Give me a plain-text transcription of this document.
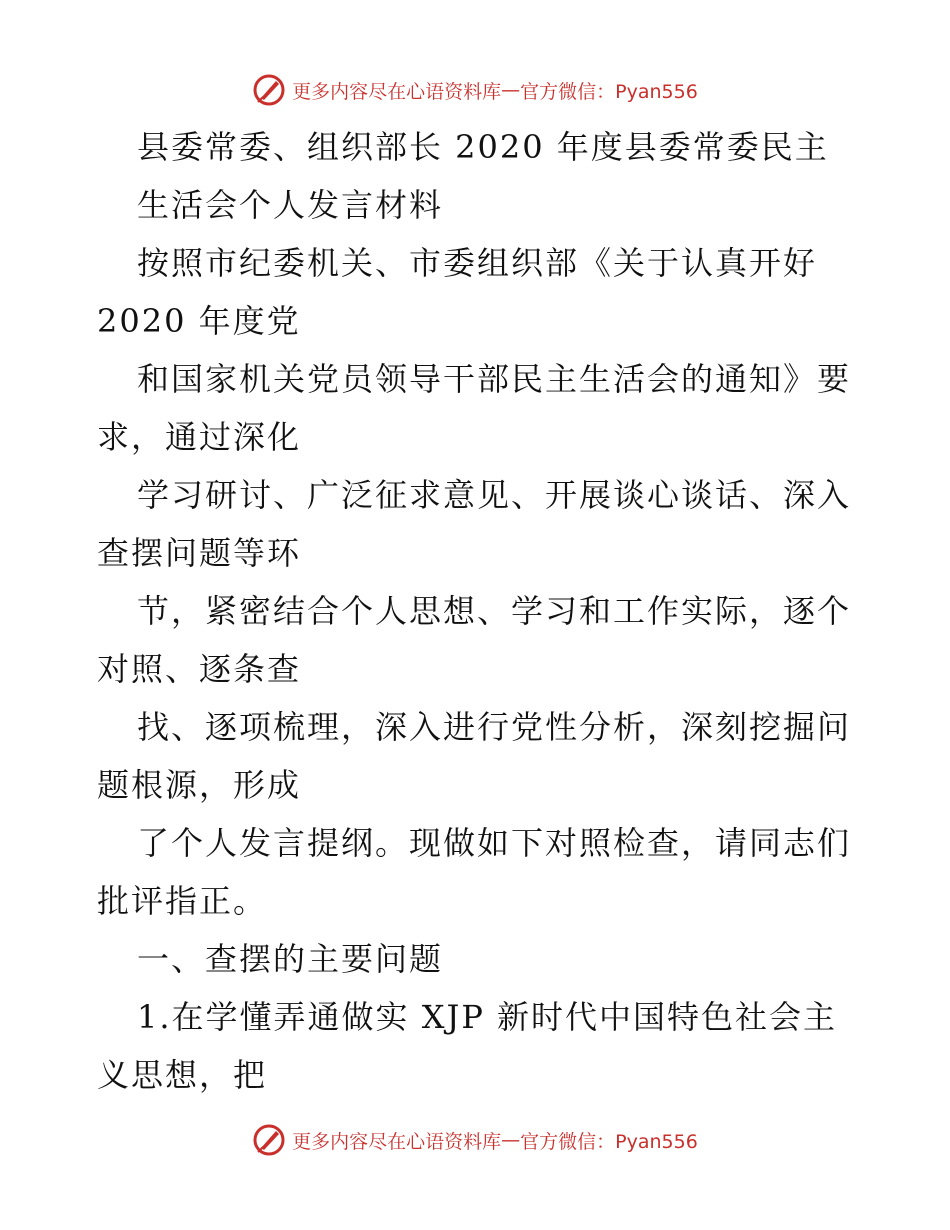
更多内容尽在心语资料库 — 官方微信：Pyan556
县委常委、组织部长 2020 年度县委常委民主
生活会个人发言材料
按照市纪委机关、市委组织部《关于认真开好
2020 年度党
和国家机关党员领导干部民主生活会的通知》要
求，通过深化
学习研讨、广泛征求意见、开展谈心谈话、深入
查摆问题等环
节，紧密结合个人思想、学习和工作实际，逐个
对照、逐条查
找、逐项梳理，深入进行党性分析，深刻挖掘问
题根源，形成
了个人发言提纲。现做如下对照检查，请同志们
批评指正。
一、查摆的主要问题
1.在学懂弄通做实 XJP 新时代中国特色社会主
义思想，把
更多内容尽在心语资料库 — 官方微信：Pyan556
